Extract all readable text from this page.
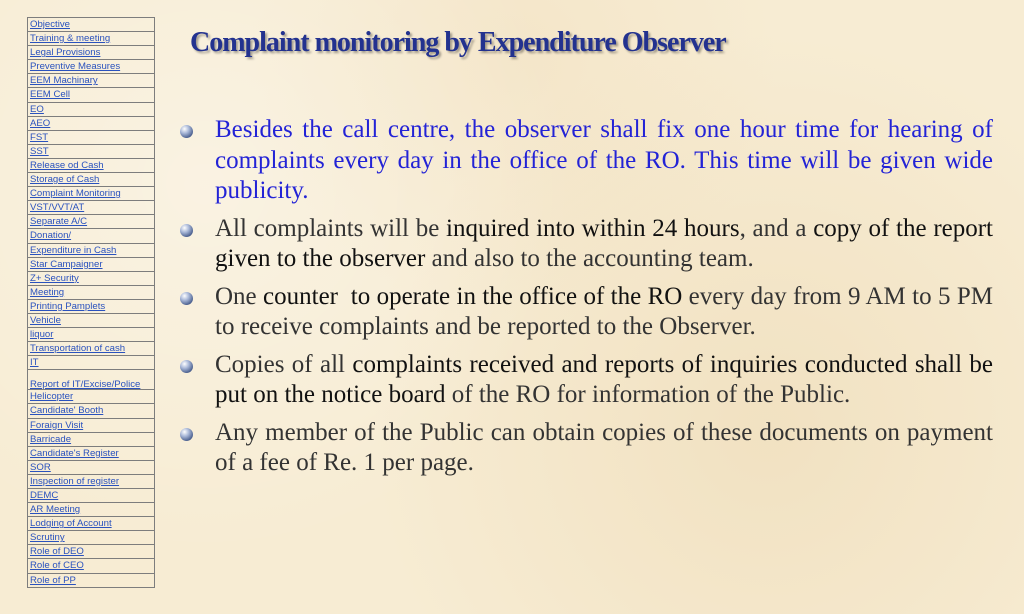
Objective
Training & meeting
Legal Provisions
Preventive Measures
EEM Machinary
EEM Cell
EO
AEO
FST
SST
Release od Cash
Storage of Cash
Complaint Monitoring
VST/VVT/AT
Separate A/C
Donation/
Expenditure in Cash
Star Campaigner
Z+ Security
Meeting
Printing Pamplets
Vehicle
liquor
Transportation of cash
IT
Report of IT/Excise/Police
Helicopter
Candidate' Booth
Foraign Visit
Barricade
Candidate's Register
SOR
Inspection of register
DEMC
AR Meeting
Lodging of Account
Scrutiny
Role of DEO
Role of CEO
Role of PP
Complaint monitoring by Expenditure Observer
Besides the call centre, the observer shall fix one hour time for hearing of complaints every day in the office of the RO. This time will be given wide publicity.
All complaints will be inquired into within 24 hours, and a copy of the report given to the observer and also to the accounting team.
One counter  to operate in the office of the RO every day from 9 AM to 5 PM to receive complaints and be reported to the Observer.
Copies of all complaints received and reports of inquiries conducted shall be put on the notice board of the RO for information of the Public.
Any member of the Public can obtain copies of these documents on payment of a fee of Re. 1 per page.
